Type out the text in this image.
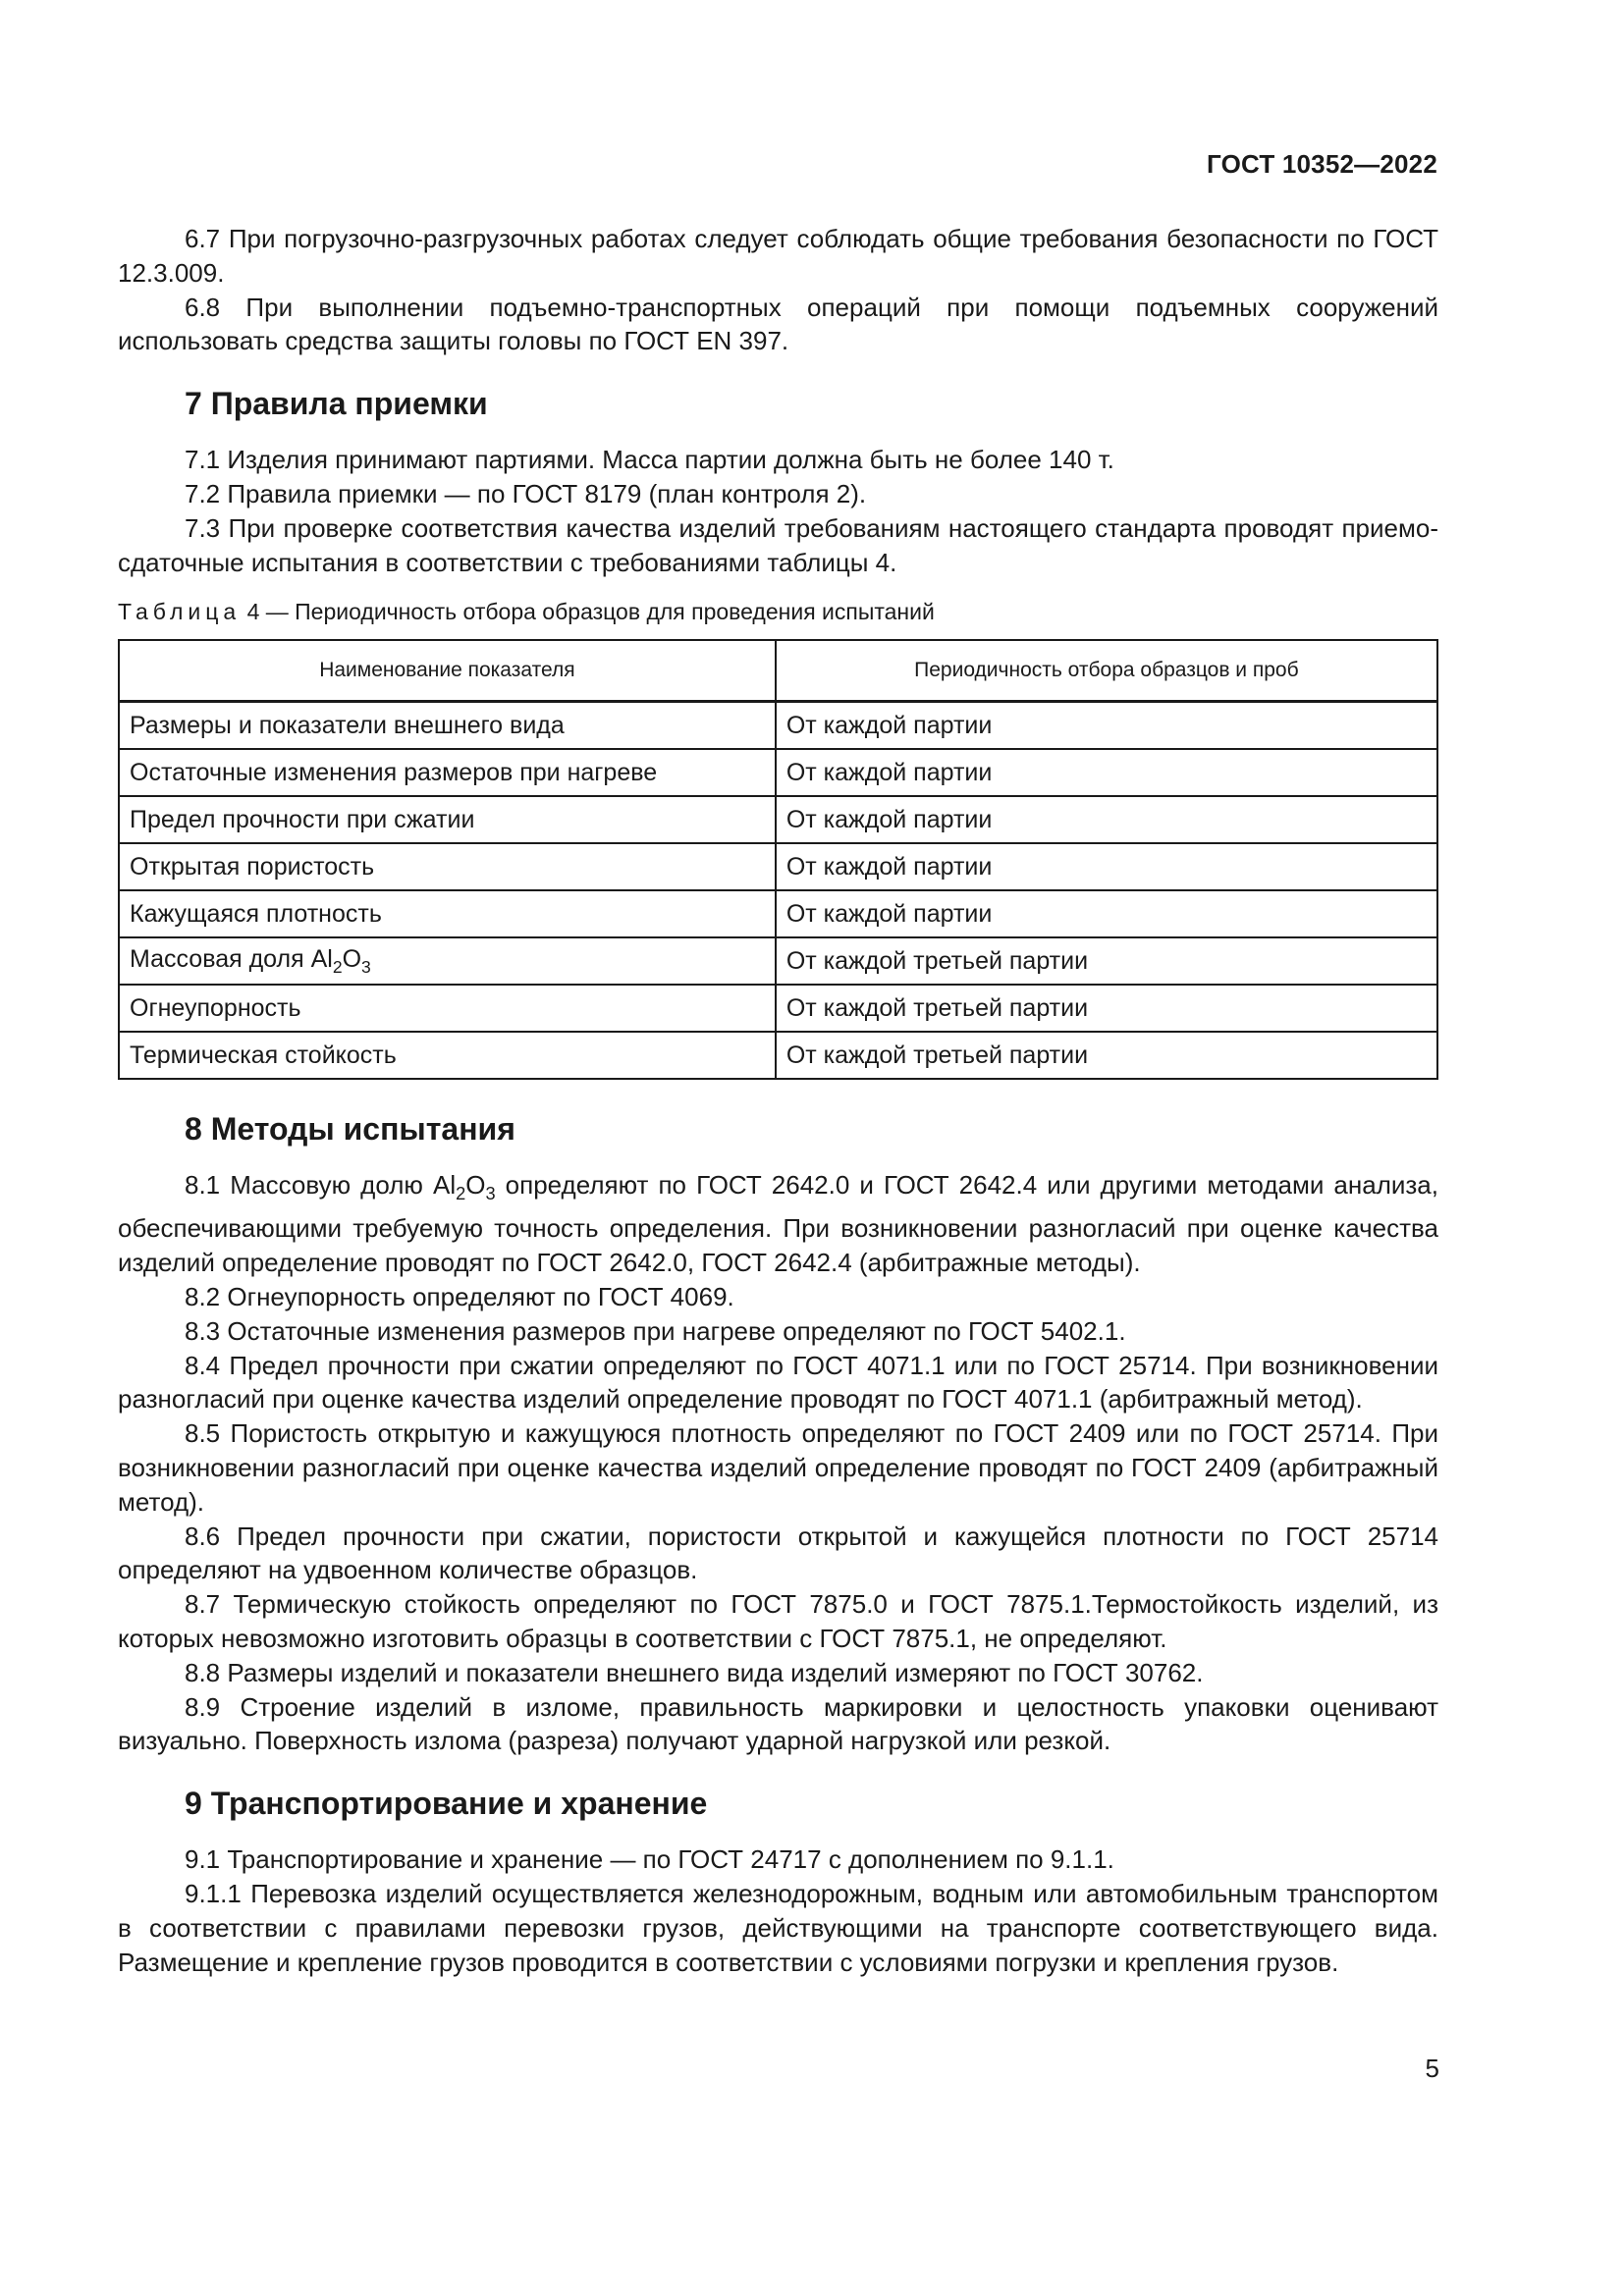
ГОСТ 10352—2022

6.7 При погрузочно-разгрузочных работах следует соблюдать общие требования безопасности по ГОСТ 12.3.009.

6.8 При выполнении подъемно-транспортных операций при помощи подъемных сооружений использовать средства защиты головы по ГОСТ EN 397.

7 Правила приемки

7.1 Изделия принимают партиями. Масса партии должна быть не более 140 т.

7.2 Правила приемки — по ГОСТ 8179 (план контроля 2).

7.3 При проверке соответствия качества изделий требованиям настоящего стандарта проводят приемо-сдаточные испытания в соответствии с требованиями таблицы 4.

Таблица 4 — Периодичность отбора образцов для проведения испытаний
Наименование показателя	Периодичность отбора образцов и проб
Размеры и показатели внешнего вида	От каждой партии
Остаточные изменения размеров при нагреве	От каждой партии
Предел прочности при сжатии	От каждой партии
Открытая пористость	От каждой партии
Кажущаяся плотность	От каждой партии
Массовая доля $Al_2O_3$	От каждой третьей партии
Огнеупорность	От каждой третьей партии
Термическая стойкость	От каждой третьей партии
8 Методы испытания

8.1 Массовую долю $Al_2O_3$ определяют по ГОСТ 2642.0 и ГОСТ 2642.4 или другими методами анализа, обеспечивающими требуемую точность определения. При возникновении разногласий при оценке качества изделий определение проводят по ГОСТ 2642.0, ГОСТ 2642.4 (арбитражные методы).

8.2 Огнеупорность определяют по ГОСТ 4069.

8.3 Остаточные изменения размеров при нагреве определяют по ГОСТ 5402.1.

8.4 Предел прочности при сжатии определяют по ГОСТ 4071.1 или по ГОСТ 25714. При возникновении разногласий при оценке качества изделий определение проводят по ГОСТ 4071.1 (арбитражный метод).

8.5 Пористость открытую и кажущуюся плотность определяют по ГОСТ 2409 или по ГОСТ 25714. При возникновении разногласий при оценке качества изделий определение проводят по ГОСТ 2409 (арбитражный метод).

8.6 Предел прочности при сжатии, пористости открытой и кажущейся плотности по ГОСТ 25714 определяют на удвоенном количестве образцов.

8.7 Термическую стойкость определяют по ГОСТ 7875.0 и ГОСТ 7875.1.Термостойкость изделий, из которых невозможно изготовить образцы в соответствии с ГОСТ 7875.1, не определяют.

8.8 Размеры изделий и показатели внешнего вида изделий измеряют по ГОСТ 30762.

8.9 Строение изделий в изломе, правильность маркировки и целостность упаковки оценивают визуально. Поверхность излома (разреза) получают ударной нагрузкой или резкой.

9 Транспортирование и хранение

9.1 Транспортирование и хранение — по ГОСТ 24717 с дополнением по 9.1.1.

9.1.1 Перевозка изделий осуществляется железнодорожным, водным или автомобильным транспортом в соответствии с правилами перевозки грузов, действующими на транспорте соответствующего вида. Размещение и крепление грузов проводится в соответствии с условиями погрузки и крепления грузов.

5
